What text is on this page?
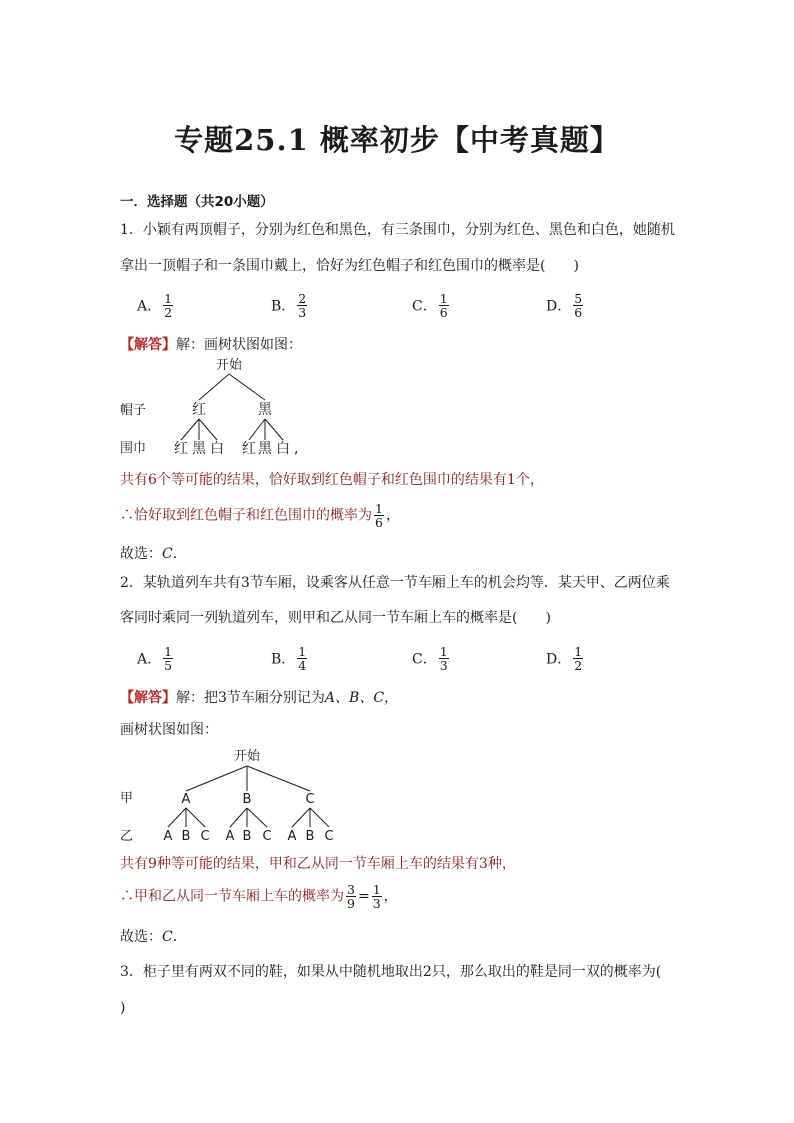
专题25.1 概率初步【中考真题】
一．选择题（共20小题）
1．小颖有两顶帽子，分别为红色和黑色，有三条围巾，分别为红色、黑色和白色，她随机
拿出一顶帽子和一条围巾戴上，恰好为红色帽子和红色围巾的概率是(　　)
A． $\frac{1}{2}$	B． $\frac{2}{3}$	C． $\frac{1}{6}$	D． $\frac{5}{6}$
【解答】解：画树状图如图：
开始
帽子	红	黑
围巾 红 黑 白 红 黑 白 ,
共有6个等可能的结果，恰好取到红色帽子和红色围巾的结果有1个，
∴恰好取到红色帽子和红色围巾的概率为 $\frac{1}{6}$ ，
故选：C．
2．某轨道列车共有3节车厢，设乘客从任意一节车厢上车的机会均等．某天甲、乙两位乘
客同时乘同一列轨道列车，则甲和乙从同一节车厢上车的概率是(　　)
A． $\frac{1}{5}$	B． $\frac{1}{4}$	C． $\frac{1}{3}$	D． $\frac{1}{2}$
【解答】解：把3节车厢分别记为A、B、C，
画树状图如图：
开始
甲	A	B	C
乙 A B C A B C A B C
共有9种等可能的结果，甲和乙从同一节车厢上车的结果有3种，
∴甲和乙从同一节车厢上车的概率为 $\frac{3}{9} = \frac{1}{3}$ ，
故选：C．
3．柜子里有两双不同的鞋，如果从中随机地取出2只，那么取出的鞋是同一双的概率为(
)
